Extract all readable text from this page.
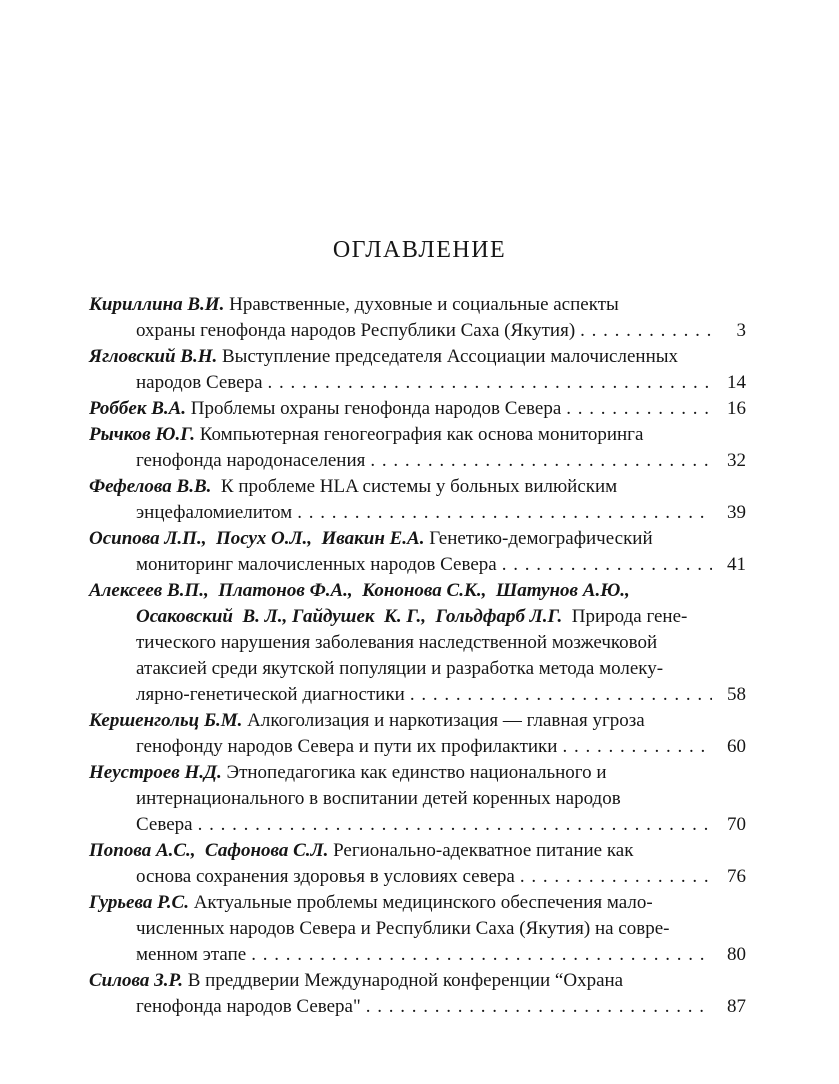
ОГЛАВЛЕНИЕ
Кириллина В.И. Нравственные, духовные и социальные аспекты
охраны генофонда народов Республики Саха (Якутия) . . .	3
Ягловский В.Н. Выступление председателя Ассоциации малочисленных
народов Севера . . .	14
Роббек В.А. Проблемы охраны генофонда народов Севера . . .	16
Рычков Ю.Г. Компьютерная геногеография как основа мониторинга
генофонда народонаселения . . .	32
Фефелова В.В. К проблеме HLA системы у больных вилюйским
энцефаломиелитом . . .	39
Осипова Л.П.,  Посух О.Л.,  Ивакин Е.А. Генетико-демографический
мониторинг малочисленных народов Севера . . .	41
Алексеев В.П.,  Платонов Ф.А.,  Кононова С.К.,  Шатунов А.Ю.,
Осаковский  В. Л., Гайдушек  К. Г.,  Гольдфарб Л.Г. Природа гене-
тического нарушения заболевания наследственной мозжечковой
атаксией среди якутской популяции и разработка метода молеку-
лярно-генетической диагностики . . .	58
Кершенгольц Б.М. Алкоголизация и наркотизация — главная угроза
генофонду народов Севера и пути их профилактики . . .	60
Неустроев Н.Д. Этнопедагогика как единство национального и
интернационального в воспитании детей коренных народов
Севера . . .	70
Попова А.С.,  Сафонова С.Л. Регионально-адекватное питание как
основа сохранения здоровья в условиях севера . . .	76
Гурьева Р.С. Актуальные проблемы медицинского обеспечения мало-
численных народов Севера и Республики Саха (Якутия) на совре-
менном этапе . . .	80
Силова З.Р. В преддверии Международной конференции “Охрана
генофонда народов Севера" . . .	87
